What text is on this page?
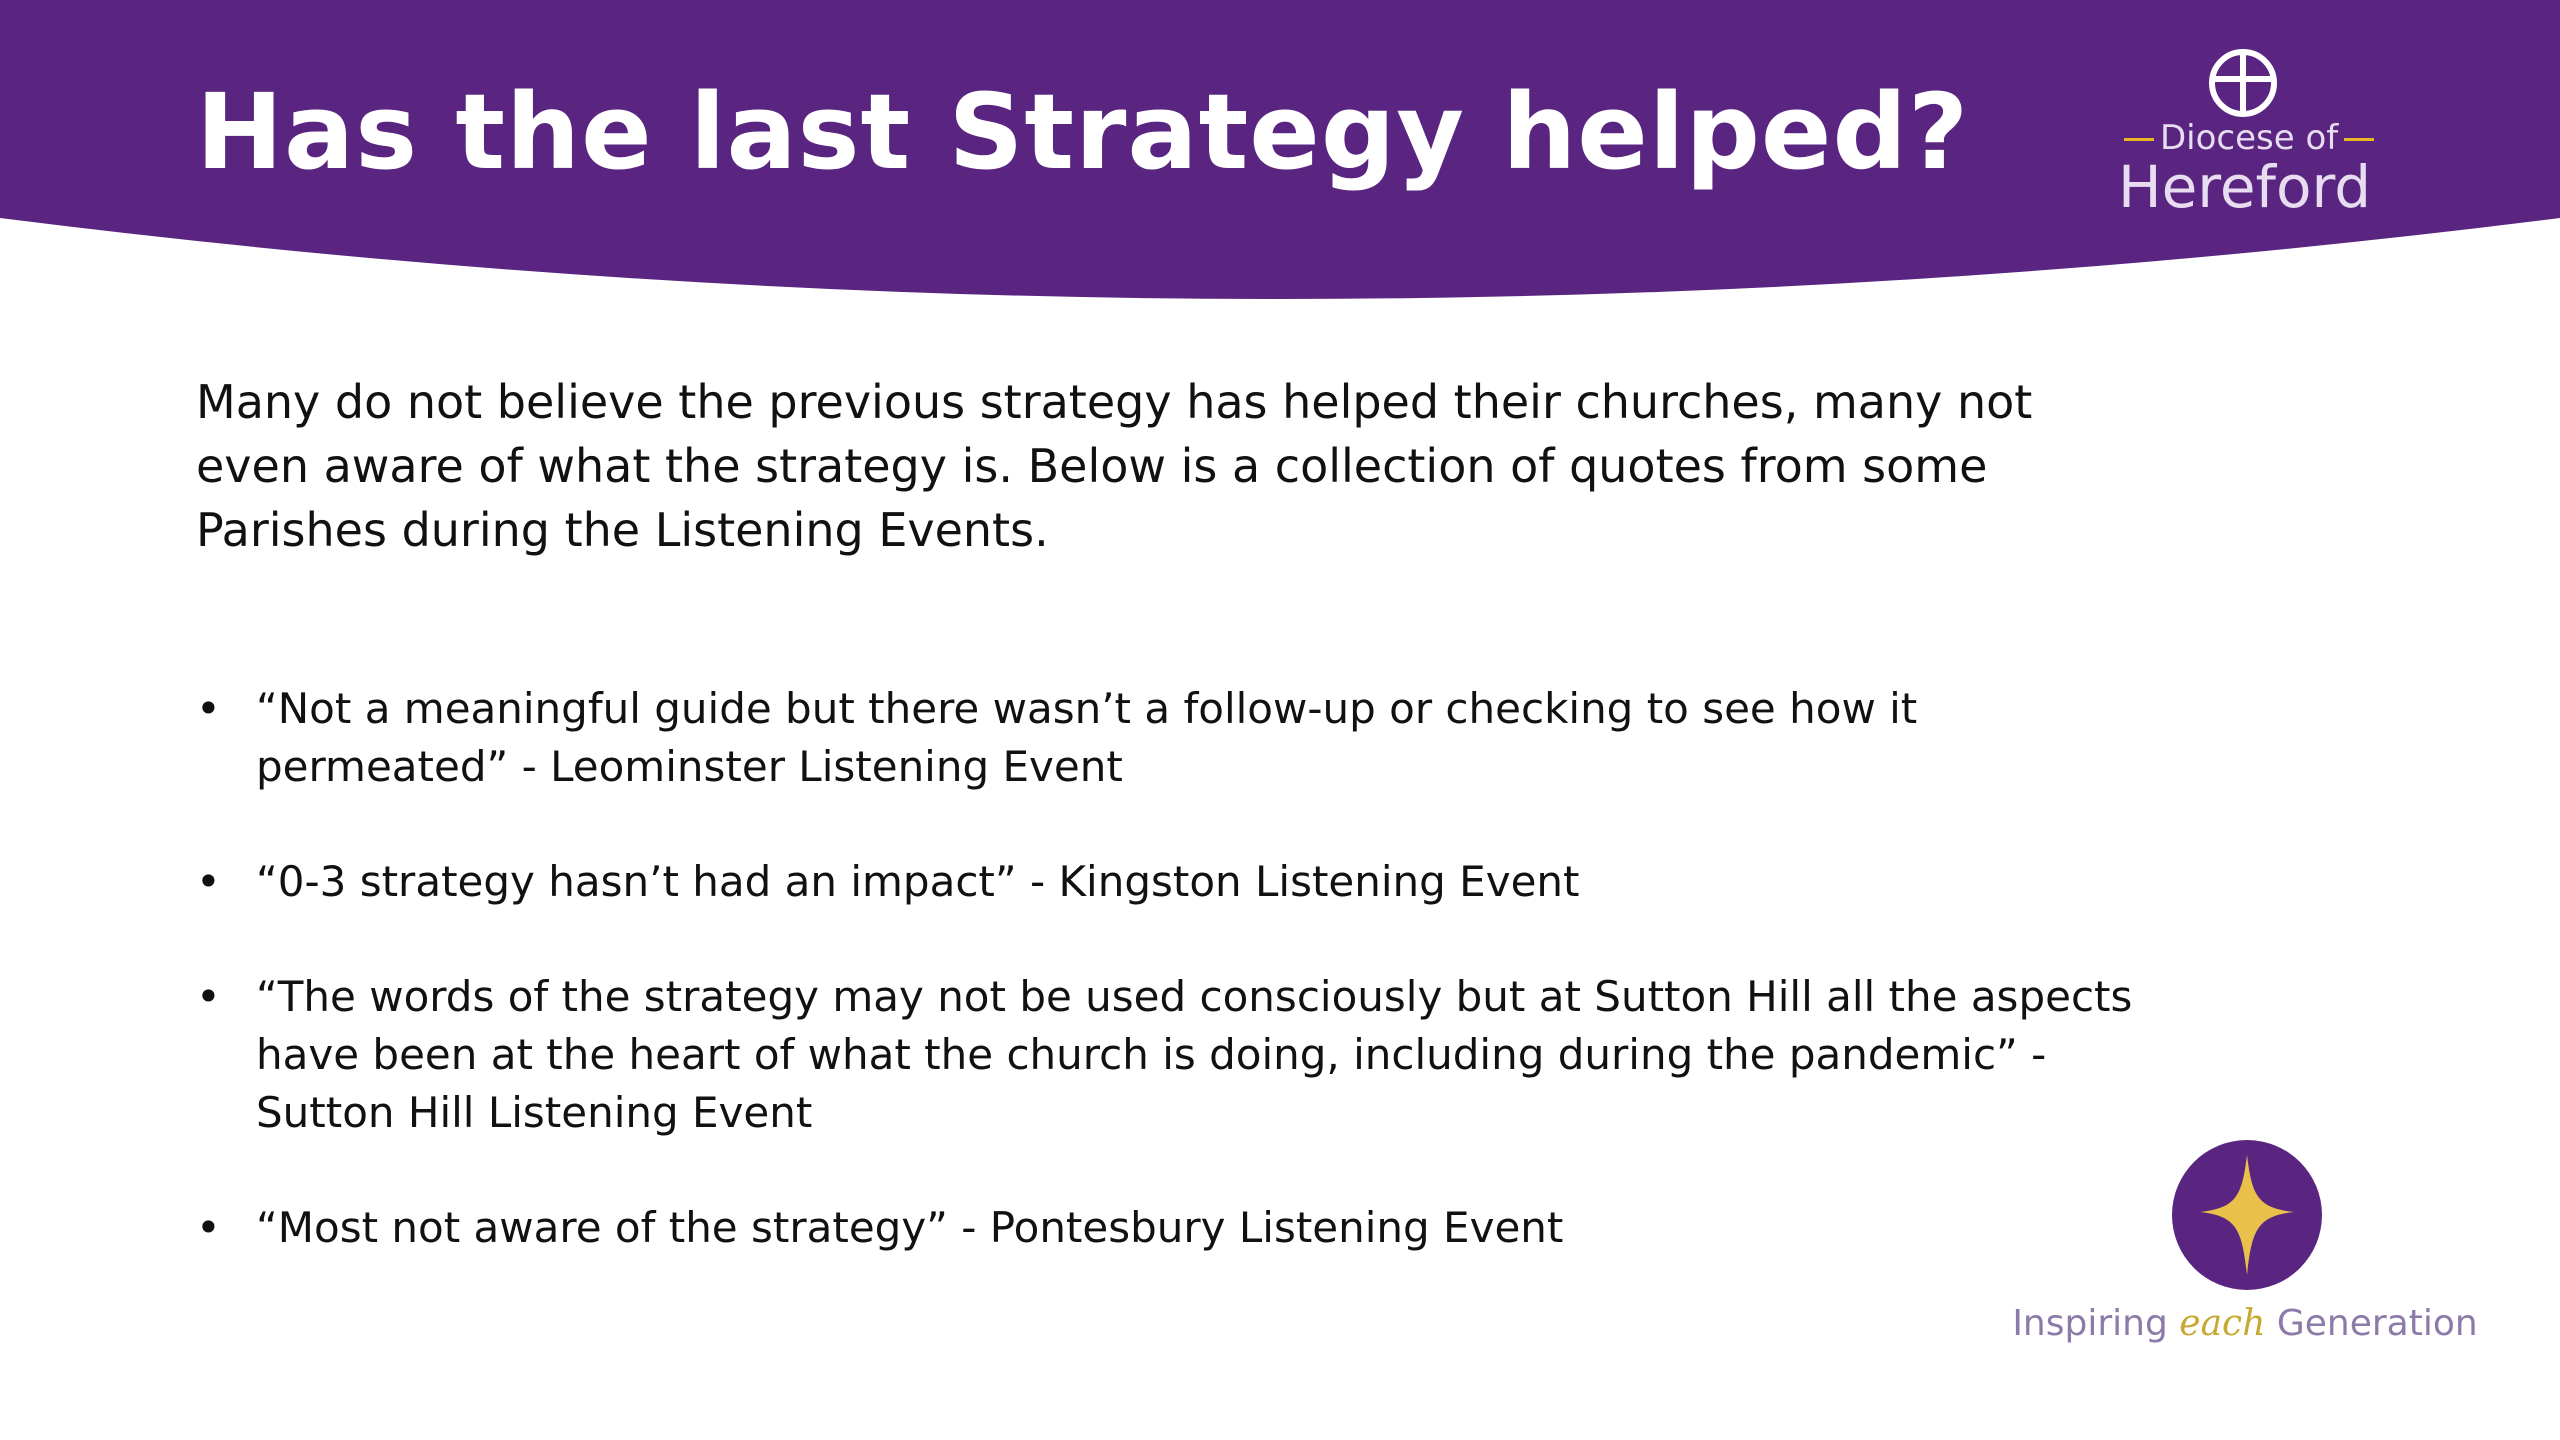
Has the last Strategy helped?	Diocese of
Hereford

Many do not believe the previous strategy has helped their churches, many not even aware of what the strategy is. Below is a collection of quotes from some Parishes during the Listening Events.

• “Not a meaningful guide but there wasn’t a follow-up or checking to see how it permeated” - Leominster Listening Event
• “0-3 strategy hasn’t had an impact” - Kingston Listening Event
• “The words of the strategy may not be used consciously but at Sutton Hill all the aspects have been at the heart of what the church is doing, including during the pandemic” - Sutton Hill Listening Event
• “Most not aware of the strategy” - Pontesbury Listening Event
Inspiring each Generation
